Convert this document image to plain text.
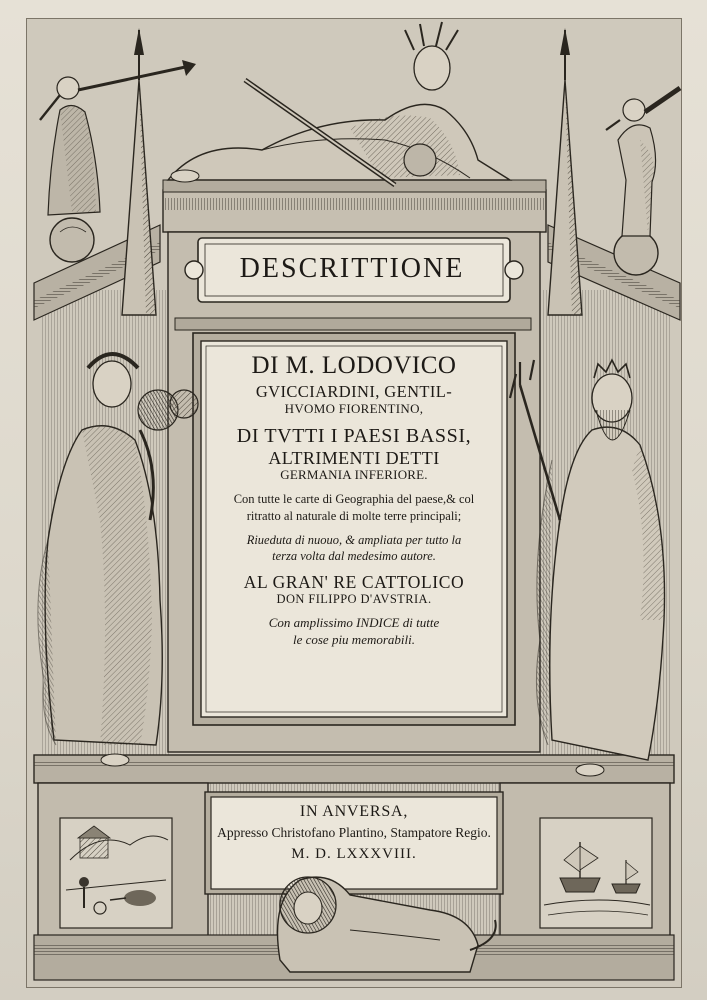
DESCRITTIONE
DI M. LODOVICO
GVICCIARDINI, GENTIL-
HVOMO FIORENTINO,
DI TVTTI I PAESI BASSI,
ALTRIMENTI DETTI
GERMANIA INFERIORE.
Con tutte le carte di Geographia del paese,& col
ritratto al naturale di molte terre principali;
Riueduta di nuouo, & ampliata per tutto la
terza volta dal medesimo autore.
AL GRAN' RE CATTOLICO
DON FILIPPO D'AVSTRIA.
Con amplissimo INDICE di tutte
le cose piu memorabili.
IN ANVERSA,
Appresso Christofano Plantino, Stampatore Regio.
M. D. LXXXVIII.
